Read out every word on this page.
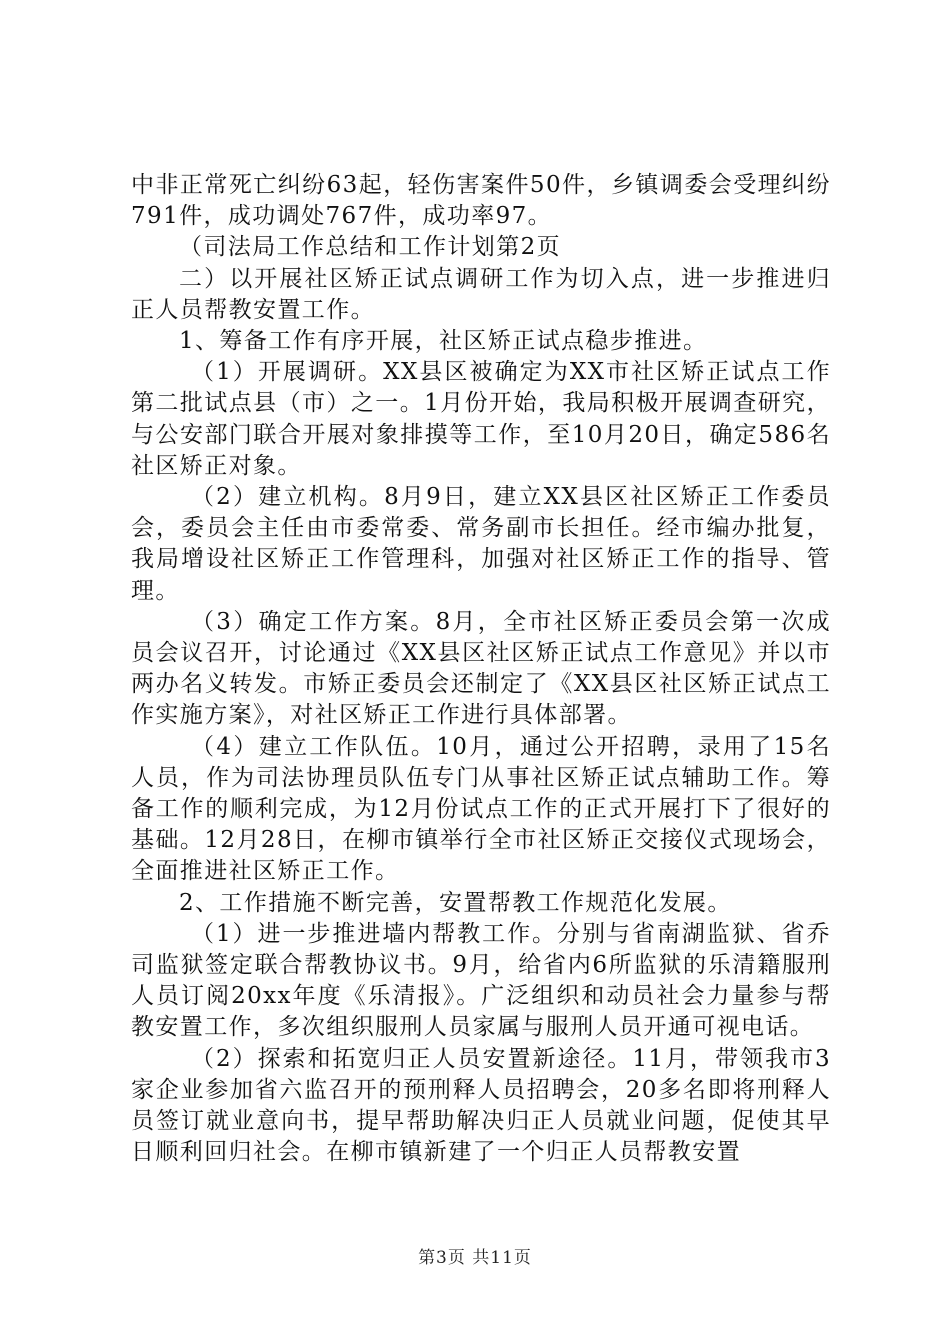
中非正常死亡纠纷63起，轻伤害案件50件，乡镇调委会受理纠纷791件，成功调处767件，成功率97。

（司法局工作总结和工作计划第2页

二）以开展社区矫正试点调研工作为切入点，进一步推进归正人员帮教安置工作。

1、筹备工作有序开展，社区矫正试点稳步推进。

（1）开展调研。XX县区被确定为XX市社区矫正试点工作第二批试点县（市）之一。1月份开始，我局积极开展调查研究，与公安部门联合开展对象排摸等工作，至10月20日，确定586名社区矫正对象。

（2）建立机构。8月9日，建立XX县区社区矫正工作委员会，委员会主任由市委常委、常务副市长担任。经市编办批复，我局增设社区矫正工作管理科，加强对社区矫正工作的指导、管理。

（3）确定工作方案。8月，全市社区矫正委员会第一次成员会议召开，讨论通过《XX县区社区矫正试点工作意见》并以市两办名义转发。市矫正委员会还制定了《XX县区社区矫正试点工作实施方案》，对社区矫正工作进行具体部署。

（4）建立工作队伍。10月，通过公开招聘，录用了15名人员，作为司法协理员队伍专门从事社区矫正试点辅助工作。筹备工作的顺利完成，为12月份试点工作的正式开展打下了很好的基础。12月28日，在柳市镇举行全市社区矫正交接仪式现场会，全面推进社区矫正工作。

2、工作措施不断完善，安置帮教工作规范化发展。

（1）进一步推进墙内帮教工作。分别与省南湖监狱、省乔司监狱签定联合帮教协议书。9月，给省内6所监狱的乐清籍服刑人员订阅20xx年度《乐清报》。广泛组织和动员社会力量参与帮教安置工作，多次组织服刑人员家属与服刑人员开通可视电话。

（2）探索和拓宽归正人员安置新途径。11月，带领我市3家企业参加省六监召开的预刑释人员招聘会，20多名即将刑释人员签订就业意向书，提早帮助解决归正人员就业问题，促使其早日顺利回归社会。在柳市镇新建了一个归正人员帮教安置

第3页 共11页
